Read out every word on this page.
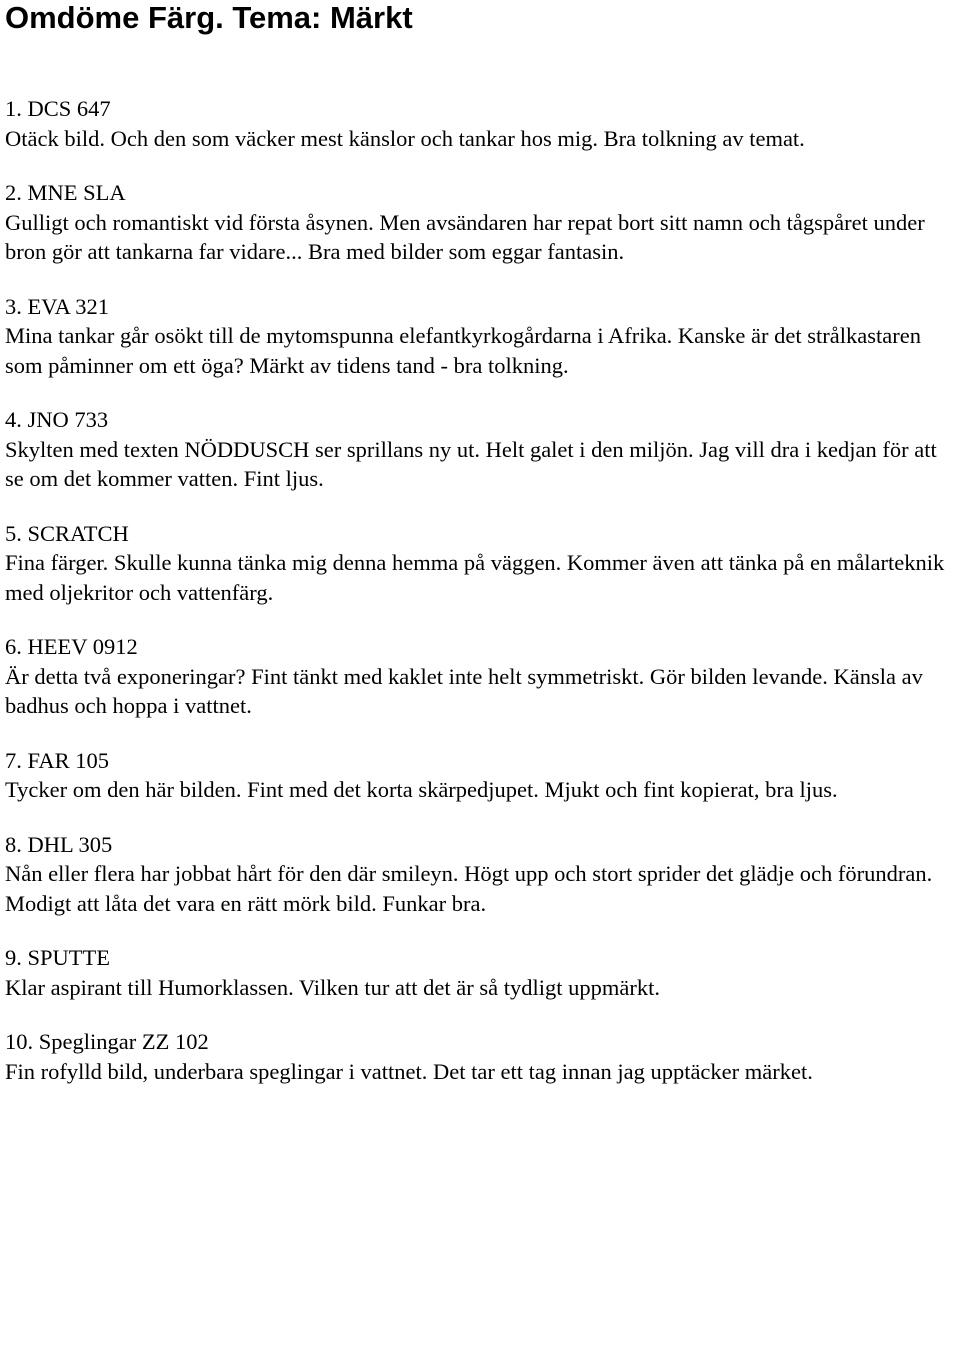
Omdöme Färg. Tema: Märkt
1. DCS 647
Otäck bild. Och den som väcker mest känslor och tankar hos mig. Bra tolkning av temat.
2. MNE SLA
Gulligt och romantiskt vid första åsynen. Men avsändaren har repat bort sitt namn och tågspåret under bron gör att tankarna far vidare... Bra med bilder som eggar fantasin.
3. EVA 321
Mina tankar går osökt till de mytomspunna elefantkyrkogårdarna i Afrika. Kanske är det strålkastaren som påminner om ett öga? Märkt av tidens tand - bra tolkning.
4. JNO 733
Skylten med texten NÖDDUSCH ser sprillans ny ut. Helt galet i den miljön. Jag vill dra i kedjan för att se om det kommer vatten. Fint ljus.
5. SCRATCH
Fina färger. Skulle kunna tänka mig denna hemma på väggen. Kommer även att tänka på en målarteknik med oljekritor och vattenfärg.
6. HEEV 0912
Är detta två exponeringar? Fint tänkt med kaklet inte helt symmetriskt. Gör bilden levande. Känsla av badhus och hoppa i vattnet.
7. FAR 105
Tycker om den här bilden. Fint med det korta skärpedjupet. Mjukt och fint kopierat, bra ljus.
8. DHL 305
Nån eller flera har jobbat hårt för den där smileyn. Högt upp och stort sprider det glädje och förundran. Modigt att låta det vara en rätt mörk bild. Funkar bra.
9. SPUTTE
Klar aspirant till Humorklassen. Vilken tur att det är så tydligt uppmärkt.
10. Speglingar ZZ 102
Fin rofylld bild, underbara speglingar i vattnet. Det tar ett tag innan jag upptäcker märket.
